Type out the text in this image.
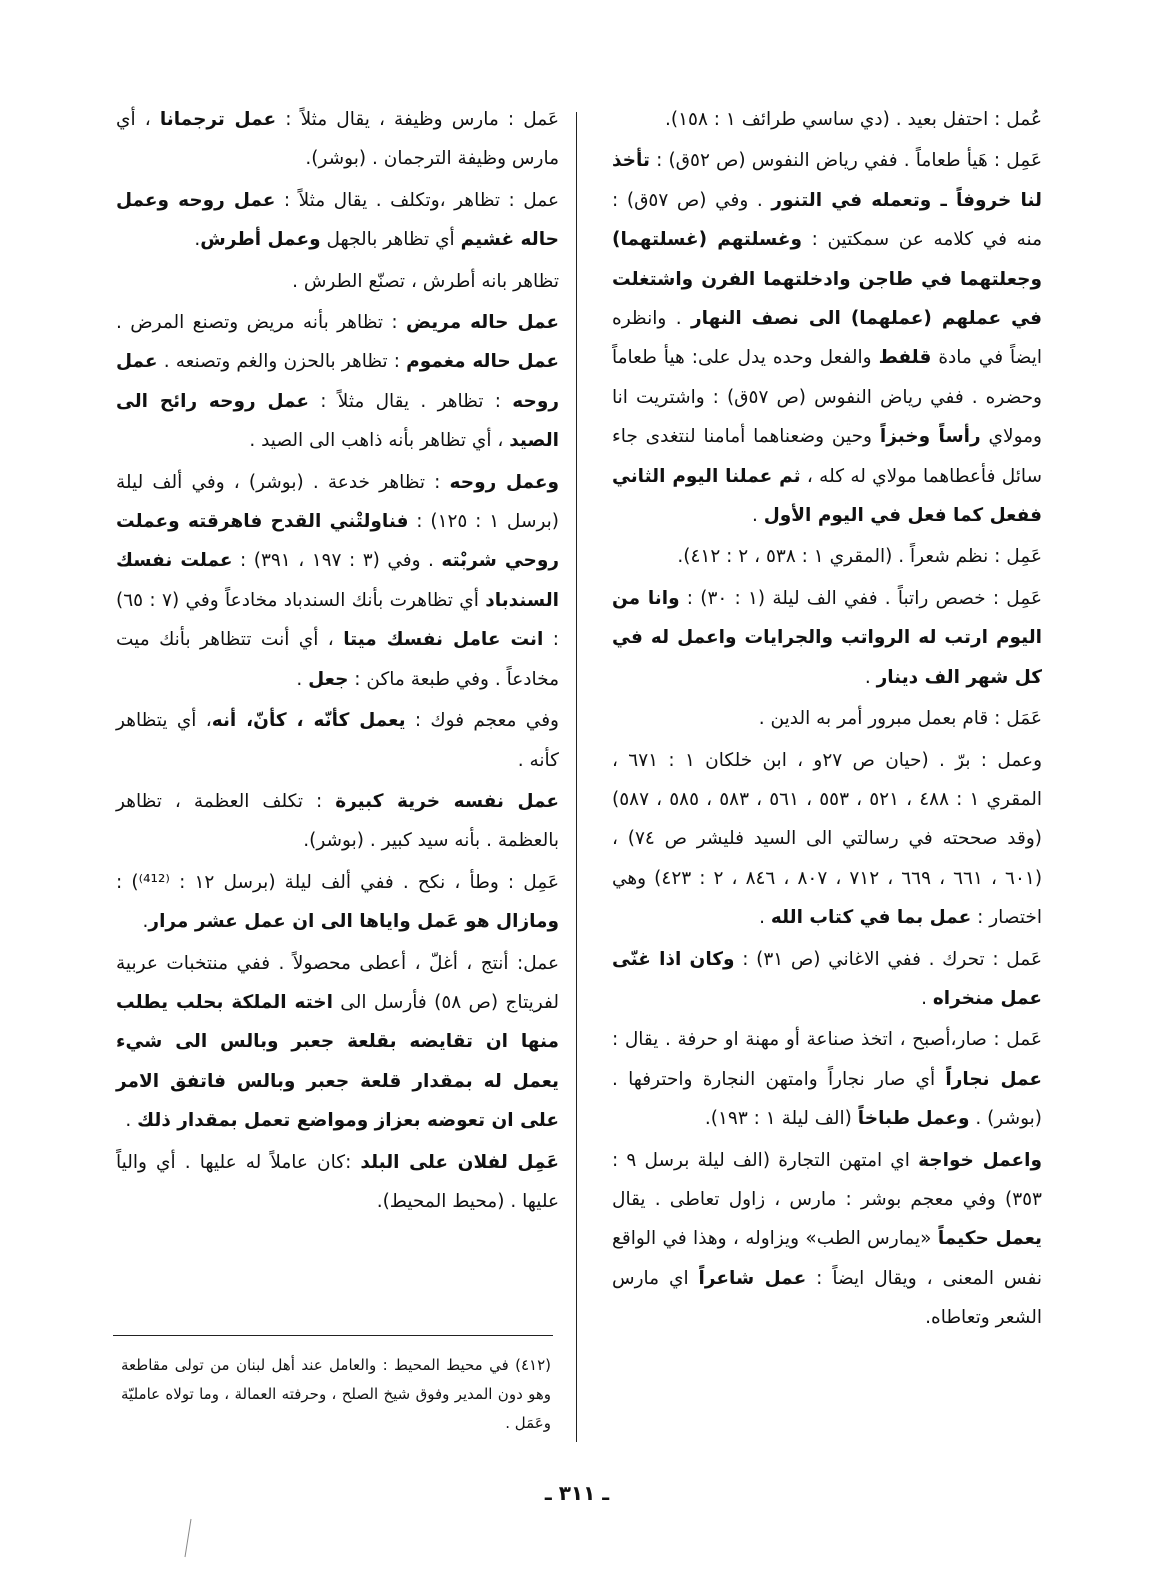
عُمل : احتفل بعيد . (دي ساسي طرائف ١ : ١٥٨).

عَمِل : هَيأ طعاماً . ففي رياض النفوس (ص ٥٢ق) : تأخذ لنا خروفاً ـ وتعمله في التنور . وفي (ص ٥٧ق) : منه في كلامه عن سمكتين : وغسلتهم (غسلتهما) وجعلتهما في طاجن وادخلتهما الفرن واشتغلت في عملهم (عملهما) الى نصف النهار . وانظره ايضاً في مادة قلفط والفعل وحده يدل على: هيأ طعاماً وحضره . ففي رياض النفوس (ص ٥٧ق) : واشتريت انا ومولاي رأساً وخبزاً وحين وضعناهما أمامنا لنتغدى جاء سائل فأعطاهما مولاي له كله ، ثم عملنا اليوم الثاني ففعل كما فعل في اليوم الأول .

عَمِل : نظم شعراً . (المقري ١ : ٥٣٨ ، ٢ : ٤١٢).

عَمِل : خصص راتباً . ففي الف ليلة (١ : ٣٠) : وانا من اليوم ارتب له الرواتب والجرايات واعمل له في كل شهر الف دينار .

عَمَل : قام بعمل مبرور أمر به الدين .

وعمل : برّ . (حيان ص ٢٧و ، ابن خلكان ١ : ٦٧١ ، المقري ١ : ٤٨٨ ، ٥٢١ ، ٥٥٣ ، ٥٦١ ، ٥٨٣ ، ٥٨٥ ، ٥٨٧) (وقد صححته في رسالتي الى السيد فليشر ص ٧٤) ، (٦٠١ ، ٦٦١ ، ٦٦٩ ، ٧١٢ ، ٨٠٧ ، ٨٤٦ ، ٢ : ٤٢٣) وهي اختصار : عمل بما في كتاب الله .

عَمل : تحرك . ففي الاغاني (ص ٣١) : وكان اذا غنّى عمل منخراه .

عَمل : صار،أصبح ، اتخذ صناعة أو مهنة او حرفة . يقال : عمل نجاراً أي صار نجاراً وامتهن النجارة واحترفها . (بوشر) . وعمل طباخاً (الف ليلة ١ : ١٩٣).

واعمل خواجة اي امتهن التجارة (الف ليلة برسل ٩ : ٣٥٣) وفي معجم بوشر : مارس ، زاول تعاطى . يقال يعمل حكيماً «يمارس الطب» ويزاوله ، وهذا في الواقع نفس المعنى ، ويقال ايضاً : عمل شاعراً اي مارس الشعر وتعاطاه.

عَمل : مارس وظيفة ، يقال مثلاً : عمل ترجمانا ، أي مارس وظيفة الترجمان . (بوشر).

عمل : تظاهر ،وتكلف . يقال مثلاً : عمل روحه وعمل حاله غشيم أي تظاهر بالجهل وعمل أطرش.

تظاهر بانه أطرش ، تصنّع الطرش .

عمل حاله مريض : تظاهر بأنه مريض وتصنع المرض . عمل حاله مغموم : تظاهر بالحزن والغم وتصنعه . عمل روحه : تظاهر . يقال مثلاً : عمل روحه رائح الى الصيد ، أي تظاهر بأنه ذاهب الى الصيد .

وعمل روحه : تظاهر خدعة . (بوشر) ، وفي ألف ليلة (برسل ١ : ١٢٥) : فناولتْني القدح فاهرقته وعملت روحي شربْته . وفي (٣ : ١٩٧ ، ٣٩١) : عملت نفسك السندباد أي تظاهرت بأنك السندباد مخادعاً وفي (٧ : ٦٥) : انت عامل نفسك ميتا ، أي أنت تتظاهر بأنك ميت مخادعاً . وفي طبعة ماكن : جعل .

وفي معجم فوك : يعمل كأنّه ، كأنّ، أنه، أي يتظاهر كأنه .

عمل نفسه خرية كبيرة : تكلف العظمة ، تظاهر بالعظمة . بأنه سيد كبير . (بوشر).

عَمِل : وطأ ، نكح . ففي ألف ليلة (برسل ١٢ : ⁽⁴¹²⁾) : ومازال هو عَمل واياها الى ان عمل عشر مرار.

عمل: أنتج ، أغلّ ، أعطى محصولاً . ففي منتخبات عربية لفريتاج (ص ٥٨) فأرسل الى اخته الملكة بحلب يطلب منها ان تقايضه بقلعة جعبر وبالس الى شيء يعمل له بمقدار قلعة جعبر وبالس فاتفق الامر على ان تعوضه بعزاز ومواضع تعمل بمقدار ذلك .

عَمِل لفلان على البلد :كان عاملاً له عليها . أي والياً عليها . (محيط المحيط).

(٤١٢) في محيط المحيط : والعامل عند أهل لبنان من تولى مقاطعة وهو دون المدير وفوق شيخ الصلح ، وحرفته العمالة ، وما تولاه عامليّة وعَمَل .
ـ ٣١١ ـ
